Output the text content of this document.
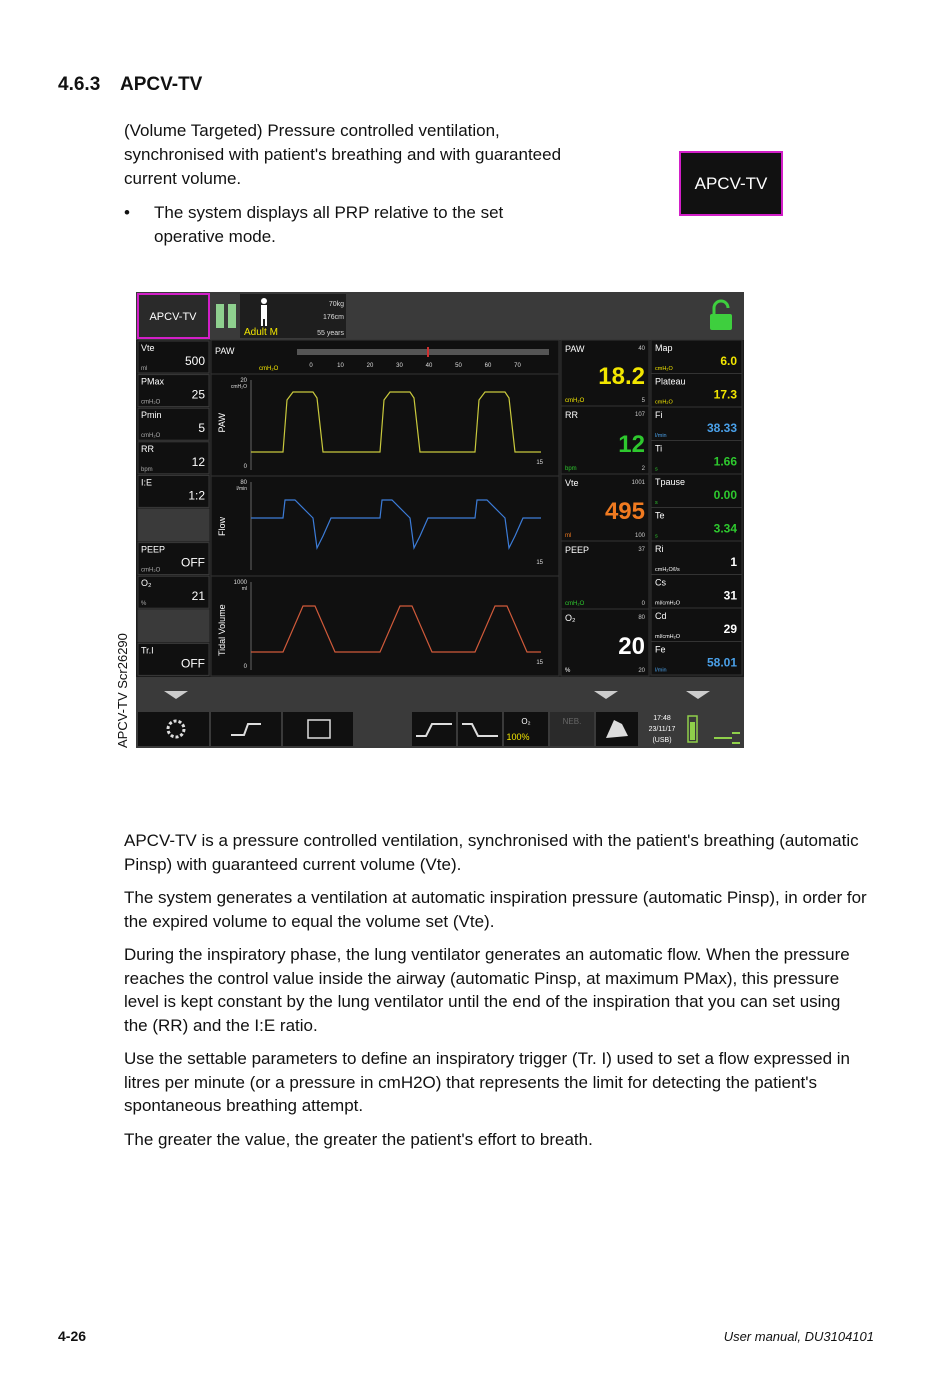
4.6.3 APCV-TV

(Volume Targeted) Pressure controlled ventilation, synchronised with patient's breathing and with guaranteed current volume.

•	The system displays all PRP relative to the set operative mode.
APCV-TV
APCV-TV Scr26290
APCV-TV
Adult M
70kg
176cm
55 years
Vte
ml
500
PMax
cmH₂O
25
Pmin
cmH₂O
5
RR
bpm
12
I:E
1:2
PEEP
cmH₂O
OFF
O₂
%
21
Tr.I
OFF
PAW
cmH₂O	0	10	20	30	40	50	60	70
PAW
20
cmH₂O
0
15
Flow
80
l/min
15
Tidal Volume
1000
ml
0
15
PAW	40
5
cmH₂O
18.2
RR	107
2
bpm
12
Vte	1001
100
ml
495
PEEP	37
0
cmH₂O
O₂	80
20
%
20
Map
cmH₂O
6.0
Plateau
cmH₂O
17.3
Fi
l/min
38.33
Ti
s
1.66
Tpause
s
0.00
Te
s
3.34
Ri
cmH₂O/l/s
1
Cs
ml/cmH₂O
31
Cd
ml/cmH₂O
29
Fe
l/min
58.01
O₂
100%
NEB.	17:48
23/11/17
(USB)

APCV-TV is a pressure controlled ventilation, synchronised with the patient's breathing (automatic Pinsp) with guaranteed current volume (Vte).

The system generates a ventilation at automatic inspiration pressure (automatic Pinsp), in order for the expired volume to equal the volume set (Vte).

During the inspiratory phase, the lung ventilator generates an automatic flow. When the pressure reaches the control value inside the airway (automatic Pinsp, at maximum PMax), this pressure level is kept constant by the lung ventilator until the end of the inspiration that you can set using the (RR) and the I:E ratio.

Use the settable parameters to define an inspiratory trigger (Tr. I) used to set a flow expressed in litres per minute (or a pressure in cmH2O) that represents the limit for detecting the patient's spontaneous breathing attempt.

The greater the value, the greater the patient's effort to breath.

4-26	User manual, DU3104101
